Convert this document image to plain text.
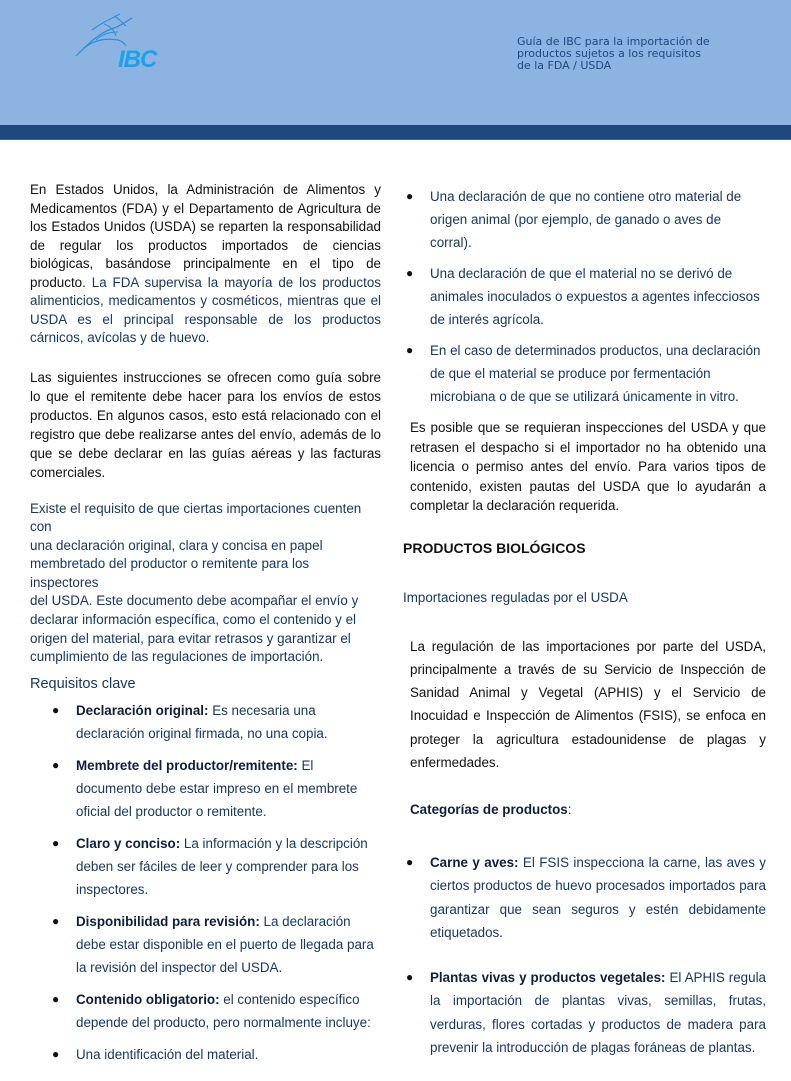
IBC
Guía de IBC para la importación de
productos sujetos a los requisitos
de la FDA / USDA

En Estados Unidos, la Administración de Alimentos y Medicamentos (FDA) y el Departamento de Agricultura de los Estados Unidos (USDA) se reparten la responsabilidad de regular los productos importados de ciencias biológicas, basándose principalmente en el tipo de producto. La FDA supervisa la mayoría de los productos alimenticios, medicamentos y cosméticos, mientras que el USDA es el principal responsable de los productos cárnicos, avícolas y de huevo.

Las siguientes instrucciones se ofrecen como guía sobre lo que el remitente debe hacer para los envíos de estos productos. En algunos casos, esto está relacionado con el registro que debe realizarse antes del envío, además de lo que se debe declarar en las guías aéreas y las facturas comerciales.

Existe el requisito de que ciertas importaciones cuenten con
una declaración original, clara y concisa en papel
membretado del productor o remitente para los inspectores
del USDA. Este documento debe acompañar el envío y
declarar información específica, como el contenido y el
origen del material, para evitar retrasos y garantizar el
cumplimiento de las regulaciones de importación.
Requisitos clave
● Declaración original: Es necesaria una declaración original firmada, no una copia.
● Membrete del productor/remitente: El documento debe estar impreso en el membrete oficial del productor o remitente.
● Claro y conciso: La información y la descripción deben ser fáciles de leer y comprender para los inspectores.
● Disponibilidad para revisión: La declaración debe estar disponible en el puerto de llegada para la revisión del inspector del USDA.
● Contenido obligatorio: el contenido específico depende del producto, pero normalmente incluye:
● Una identificación del material.
● Una declaración de que no contiene otro material de origen animal (por ejemplo, de ganado o aves de corral).
● Una declaración de que el material no se derivó de animales inoculados o expuestos a agentes infecciosos de interés agrícola.
● En el caso de determinados productos, una declaración de que el material se produce por fermentación microbiana o de que se utilizará únicamente in vitro.

Es posible que se requieran inspecciones del USDA y que retrasen el despacho si el importador no ha obtenido una licencia o permiso antes del envío. Para varios tipos de contenido, existen pautas del USDA que lo ayudarán a completar la declaración requerida.

PRODUCTOS BIOLÓGICOS
Importaciones reguladas por el USDA

La regulación de las importaciones por parte del USDA, principalmente a través de su Servicio de Inspección de Sanidad Animal y Vegetal (APHIS) y el Servicio de Inocuidad e Inspección de Alimentos (FSIS), se enfoca en proteger la agricultura estadounidense de plagas y enfermedades.

Categorías de productos:
● Carne y aves: El FSIS inspecciona la carne, las aves y ciertos productos de huevo procesados importados para garantizar que sean seguros y estén debidamente etiquetados.
● Plantas vivas y productos vegetales: El APHIS regula la importación de plantas vivas, semillas, frutas, verduras, flores cortadas y productos de madera para prevenir la introducción de plagas foráneas de plantas.
